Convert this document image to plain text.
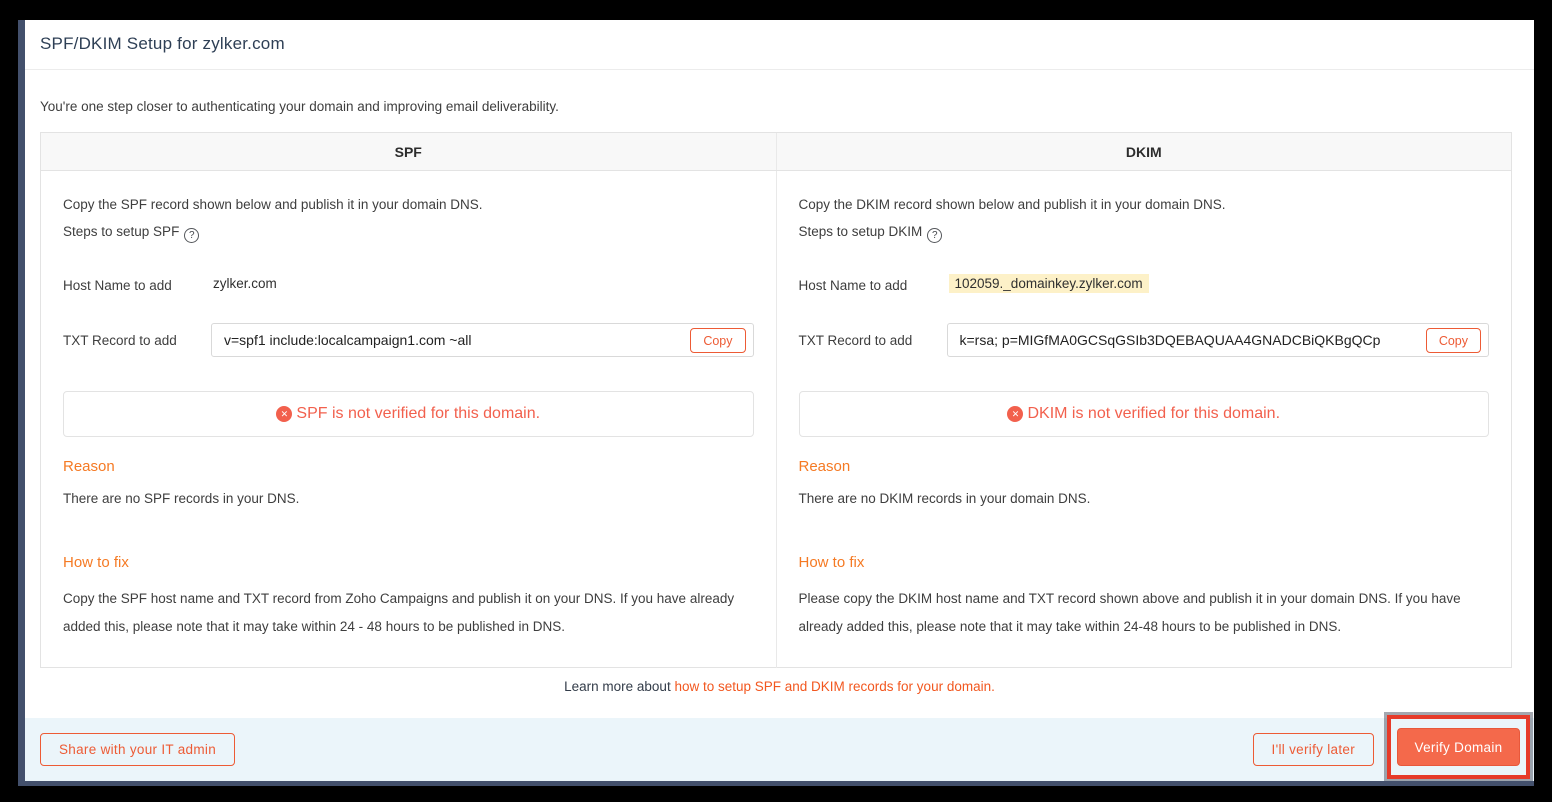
SPF/DKIM Setup for zylker.com
You're one step closer to authenticating your domain and improving email deliverability.
SPF	DKIM
Copy the SPF record shown below and publish it in your domain DNS.
Steps to setup SPF ?
Host Name to add	zylker.com
TXT Record to add	v=spf1 include:localcampaign1.com ~all	Copy
✕ SPF is not verified for this domain.
Reason
There are no SPF records in your DNS.
How to fix
Copy the SPF host name and TXT record from Zoho Campaigns and publish it on your DNS. If you have already added this, please note that it may take within 24 - 48 hours to be published in DNS.
Copy the DKIM record shown below and publish it in your domain DNS.
Steps to setup DKIM ?
Host Name to add	102059._domainkey.zylker.com
TXT Record to add	k=rsa; p=MIGfMA0GCSqGSIb3DQEBAQUAA4GNADCBiQKBgQCp	Copy
✕ DKIM is not verified for this domain.
Reason
There are no DKIM records in your domain DNS.
How to fix
Please copy the DKIM host name and TXT record shown above and publish it in your domain DNS. If you have already added this, please note that it may take within 24-48 hours to be published in DNS.
Learn more about how to setup SPF and DKIM records for your domain.
Share with your IT admin	I'll verify later	Verify Domain
